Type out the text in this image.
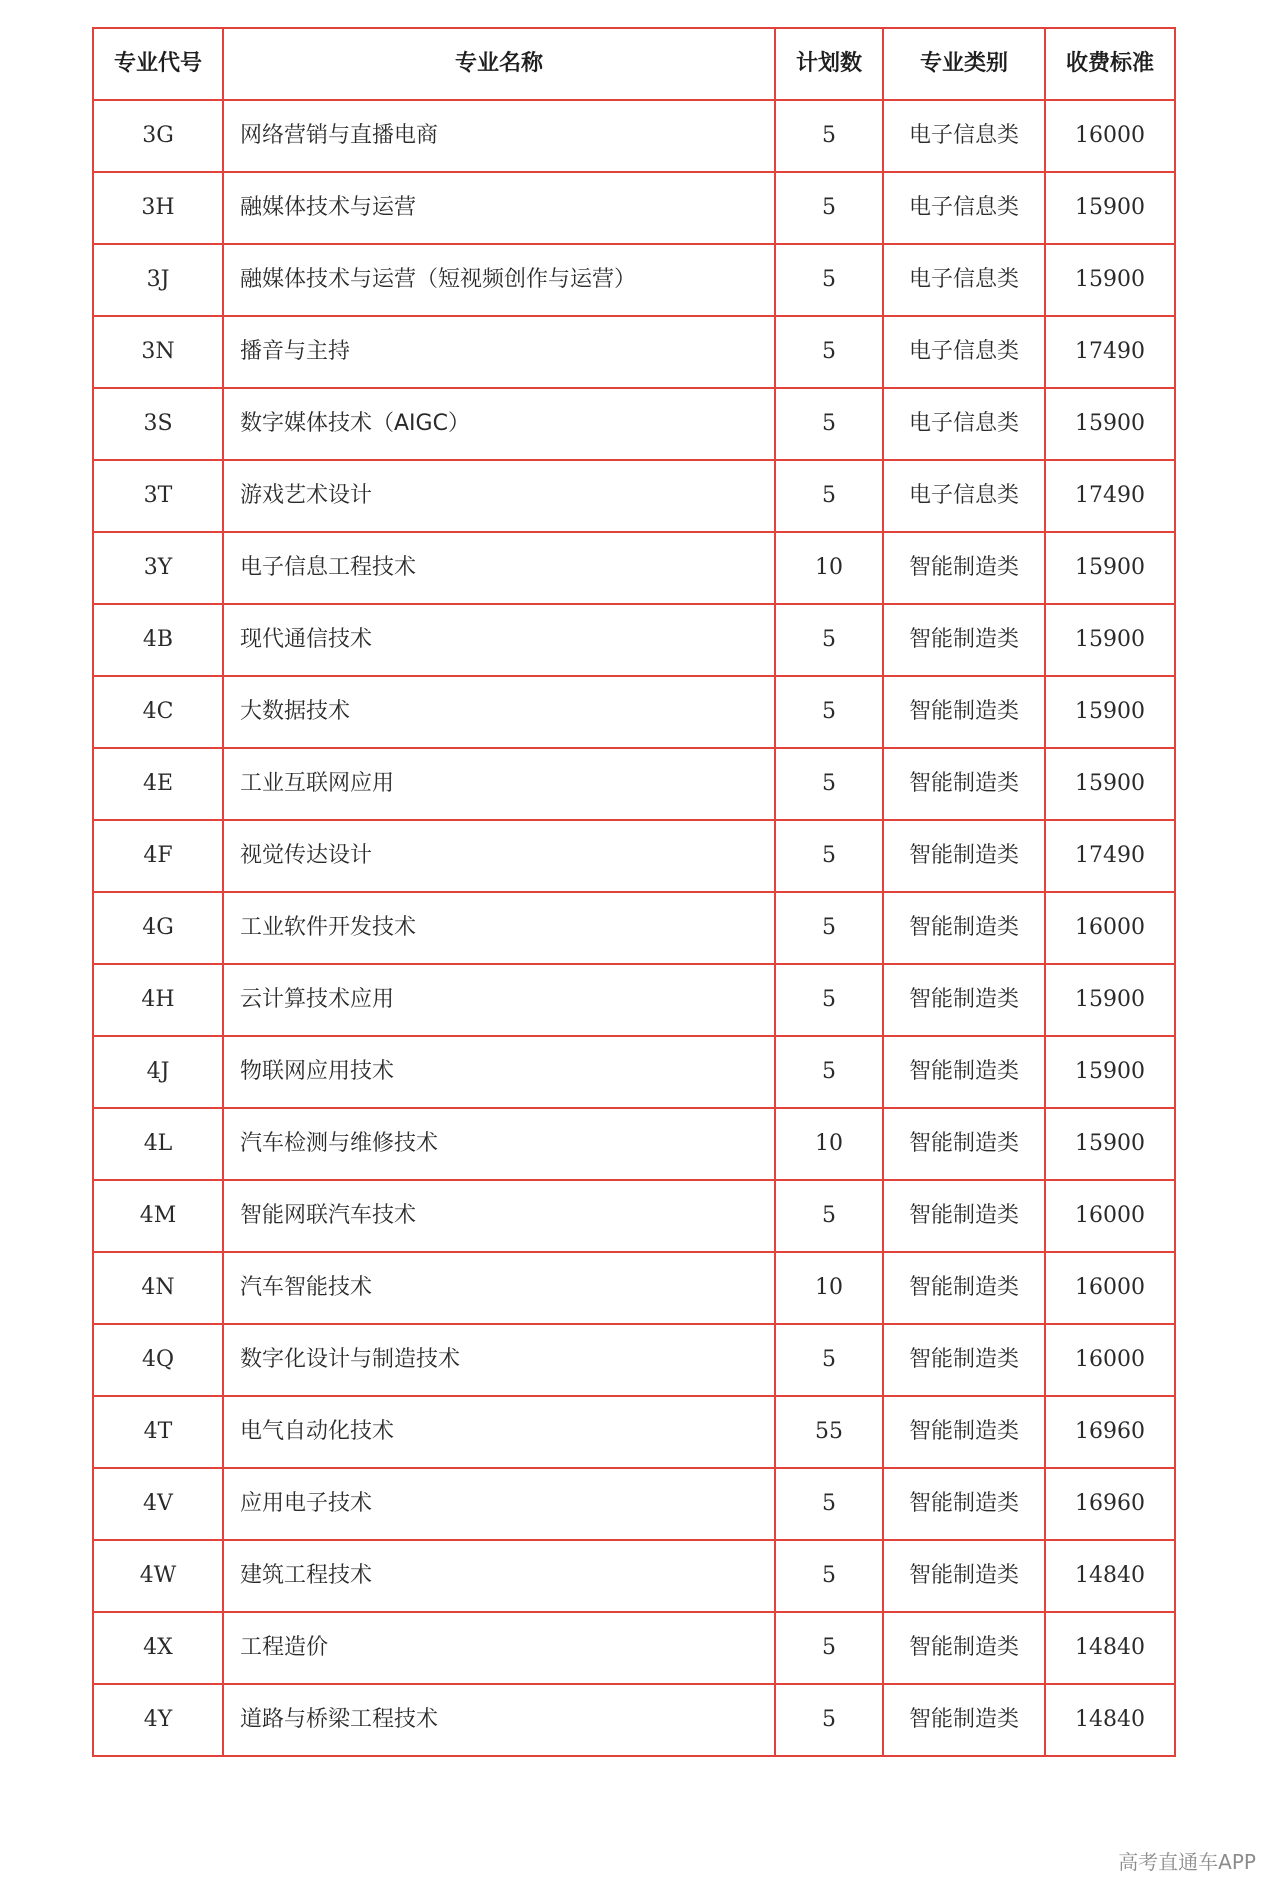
专业代号	专业名称	计划数	专业类别	收费标准
3G	网络营销与直播电商	5	电子信息类	16000
3H	融媒体技术与运营	5	电子信息类	15900
3J	融媒体技术与运营（短视频创作与运营）	5	电子信息类	15900
3N	播音与主持	5	电子信息类	17490
3S	数字媒体技术（AIGC）	5	电子信息类	15900
3T	游戏艺术设计	5	电子信息类	17490
3Y	电子信息工程技术	10	智能制造类	15900
4B	现代通信技术	5	智能制造类	15900
4C	大数据技术	5	智能制造类	15900
4E	工业互联网应用	5	智能制造类	15900
4F	视觉传达设计	5	智能制造类	17490
4G	工业软件开发技术	5	智能制造类	16000
4H	云计算技术应用	5	智能制造类	15900
4J	物联网应用技术	5	智能制造类	15900
4L	汽车检测与维修技术	10	智能制造类	15900
4M	智能网联汽车技术	5	智能制造类	16000
4N	汽车智能技术	10	智能制造类	16000
4Q	数字化设计与制造技术	5	智能制造类	16000
4T	电气自动化技术	55	智能制造类	16960
4V	应用电子技术	5	智能制造类	16960
4W	建筑工程技术	5	智能制造类	14840
4X	工程造价	5	智能制造类	14840
4Y	道路与桥梁工程技术	5	智能制造类	14840
高考直通车APP
